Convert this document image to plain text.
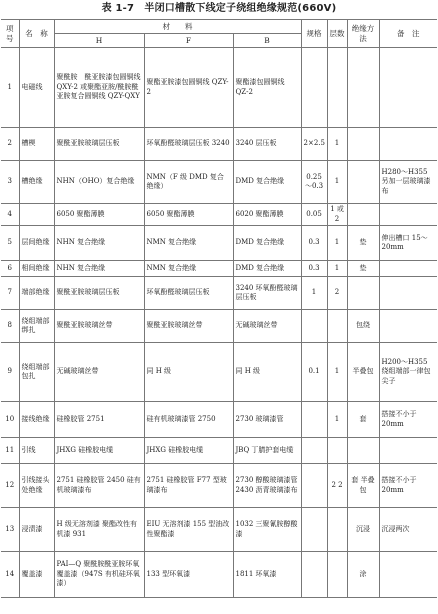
表 1-7　半闭口槽散下线定子绕组绝缘规范(660V)
项号	名　称	材　　料			规格	层数	绝缘方法	备　注
		H	F	B				
1	电磁线	聚酰胺　酰亚胺漆包圆铜线 QXY-2 或聚酯亚胺/酰胺酰亚胺复合圆铜线 QZY-QXY	聚酯亚胺漆包圆铜线 QZY-2	聚酯漆包圆铜线 QZ-2				
2	槽楔	聚酰亚胺玻璃层压板	环氧酚醛玻璃层压板 3240	3240 层压板	2×2.5	1		
3	槽绝缘	NHN（OHO）复合绝缘	NMN（F 级 DMD 复合绝缘）	DMD 复合绝缘	0.25～0.3	1		H280～H355 另加一层玻璃漆布
4		6050 聚酯薄膜	6050 聚酯薄膜	6020 聚酯薄膜	0.05	1 或 2		
5	层间绝缘	NHN 复合绝缘	NMN 复合绝缘	DMD 复合绝缘	0.3	1	垫	伸出槽口 15～20mm
6	相间绝缘	NHN 复合绝缘	NMN 复合绝缘	DMD 复合绝缘	0.3	1	垫	
7	端部绝缘	聚酰亚胺玻璃层压板	环氧酚醛玻璃层压板	3240 环氧酚醛玻璃层压板	1	2		
8	绕组端部绑扎	聚酰亚胺玻璃丝带	聚酰亚胺玻璃丝带	无碱玻璃丝带			包绕	
9	绕组端部包扎	无碱玻璃丝带	同 H 级	同 H 级	0.1	1	半叠包	H200～H355 绕组端部一律包尖子
10	接线绝缘	硅橡胶管 2751	硅有机玻璃漆管 2750	2730 玻璃漆管		1	套	搭接不小于 20mm
11	引线	JHXG 硅橡胶电缆	JHXG 硅橡胶电缆	JBQ 丁腈护套电缆				
12	引线接头处绝缘	2751 硅橡胶管 2450 硅有机玻璃漆布	2751 硅橡胶管 F77 型玻璃漆布	2730 醇酸玻璃漆管 2430 沥青玻璃漆布		2 2	套 半叠包	搭接不小于 20mm
13	浸渍漆	H 级无溶剂漆 聚酯改性有机漆 931	EIU 无溶剂漆 155 型油改性聚酯漆	1032 三聚氰胺醇酸漆			沉浸	沉浸两次
14	覆盖漆	PAI—Q 聚酰胺酰亚胺环氧覆盖漆（947S 有机硅环氧漆）	133 型环氧漆	1811 环氧漆			涂	
